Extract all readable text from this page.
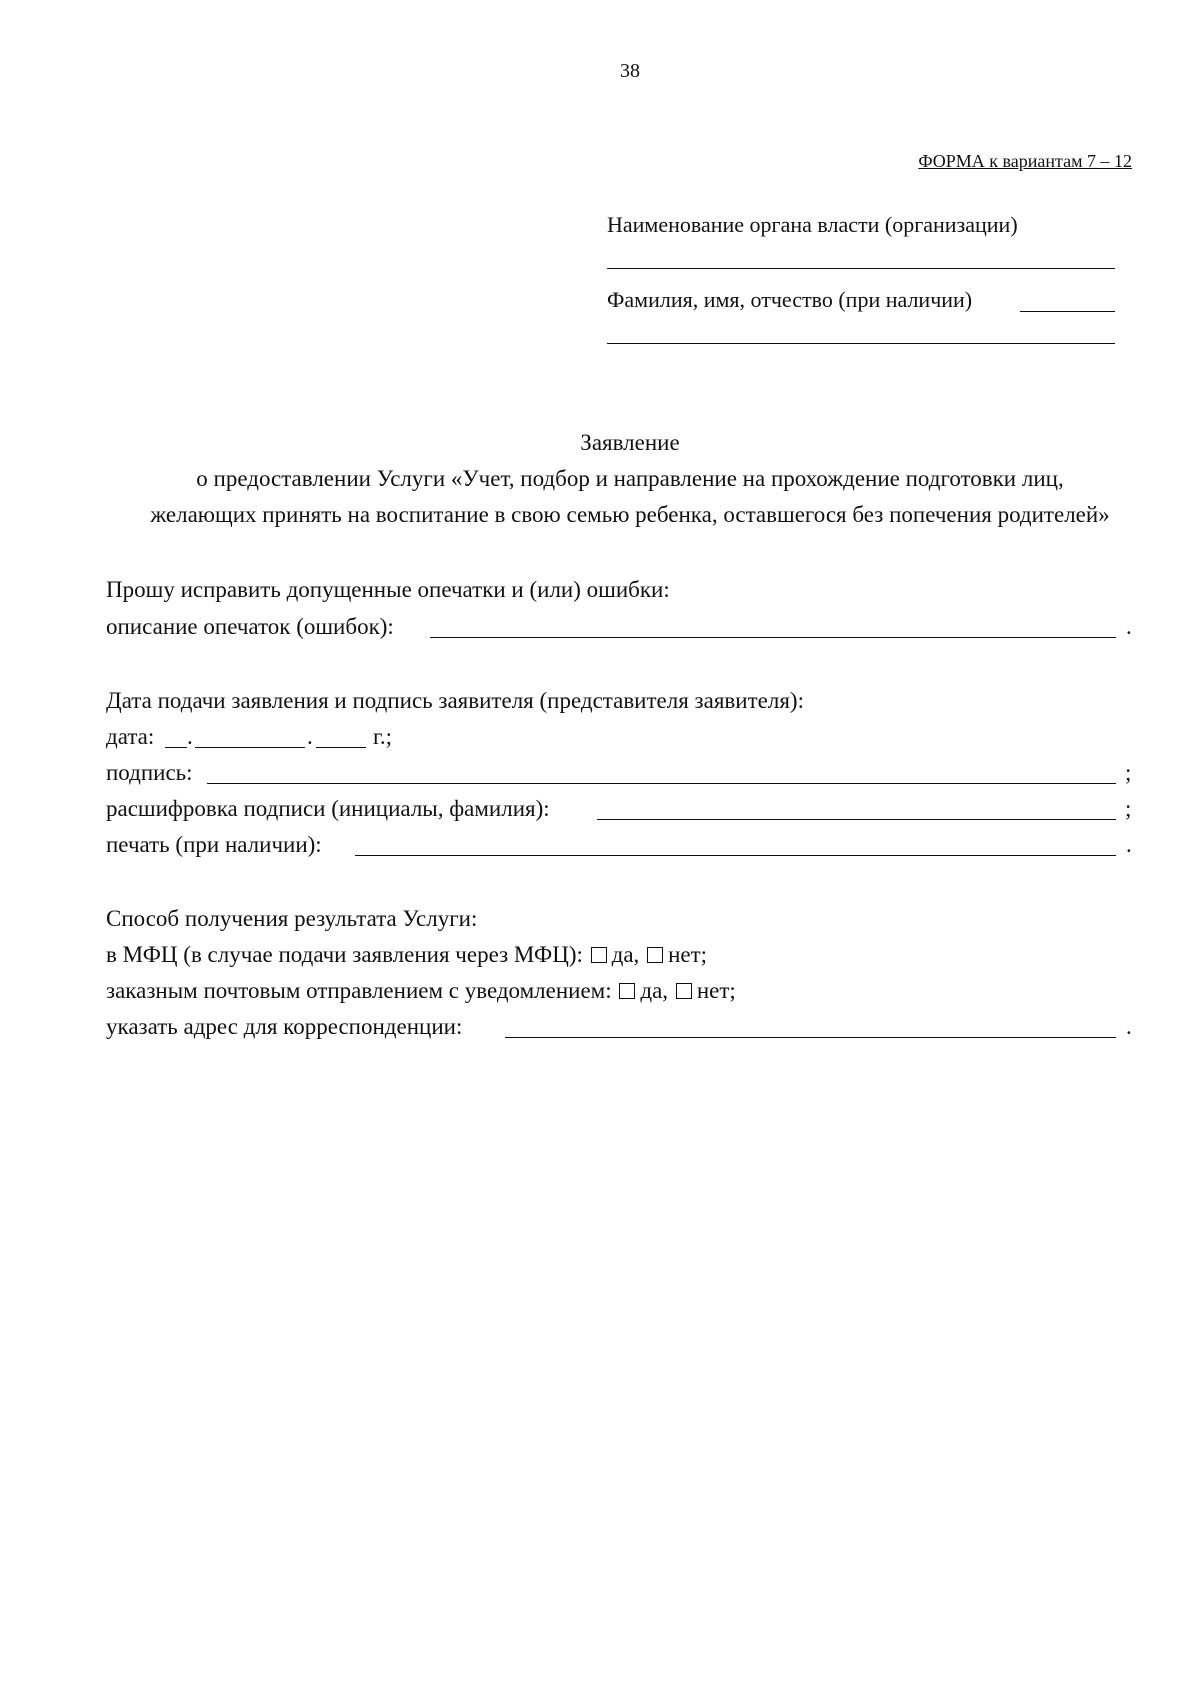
38
ФОРМА к вариантам 7 – 12
Наименование органа власти (организации)
Фамилия, имя, отчество (при наличии)
Заявление
о предоставлении Услуги «Учет, подбор и направление на прохождение подготовки лиц,
желающих принять на воспитание в свою семью ребенка, оставшегося без попечения родителей»
Прошу исправить допущенные опечатки и (или) ошибки:
описание опечаток (ошибок):	.
Дата подачи заявления и подпись заявителя (представителя заявителя):
дата: .	.	г.;
подпись:	;
расшифровка подписи (инициалы, фамилия):	;
печать (при наличии):	.
Способ получения результата Услуги:
в МФЦ (в случае подачи заявления через МФЦ): да, нет;
заказным почтовым отправлением с уведомлением: да, нет;
указать адрес для корреспонденции:	.
